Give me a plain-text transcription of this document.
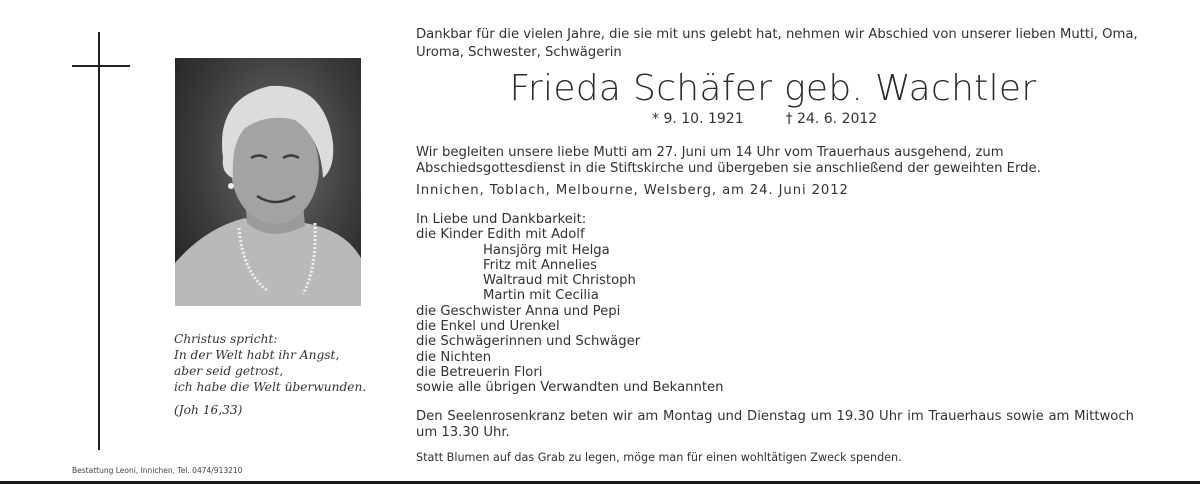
Christus spricht:
In der Welt habt ihr Angst,
aber seid getrost,
ich habe die Welt überwunden.
(Joh 16,33)
Bestattung Leoni, Innichen, Tel. 0474/913210
Dankbar für die vielen Jahre, die sie mit uns gelebt hat, nehmen wir Abschied von unserer lieben Mutti, Oma, Uroma, Schwester, Schwägerin
Frieda Schäfer geb. Wachtler
* 9. 10. 1921	† 24. 6. 2012
Wir begleiten unsere liebe Mutti am 27. Juni um 14 Uhr vom Trauerhaus ausgehend, zum Abschiedsgottesdienst in die Stiftskirche und übergeben sie anschließend der geweihten Erde.
Innichen, Toblach, Melbourne, Welsberg, am 24. Juni 2012
In Liebe und Dankbarkeit:
die Kinder Edith mit Adolf
Hansjörg mit Helga
Fritz mit Annelies
Waltraud mit Christoph
Martin mit Cecilia
die Geschwister Anna und Pepi
die Enkel und Urenkel
die Schwägerinnen und Schwäger
die Nichten
die Betreuerin Flori
sowie alle übrigen Verwandten und Bekannten
Den Seelenrosenkranz beten wir am Montag und Dienstag um 19.30 Uhr im Trauerhaus sowie am Mittwoch um 13.30 Uhr.
Statt Blumen auf das Grab zu legen, möge man für einen wohltätigen Zweck spenden.
